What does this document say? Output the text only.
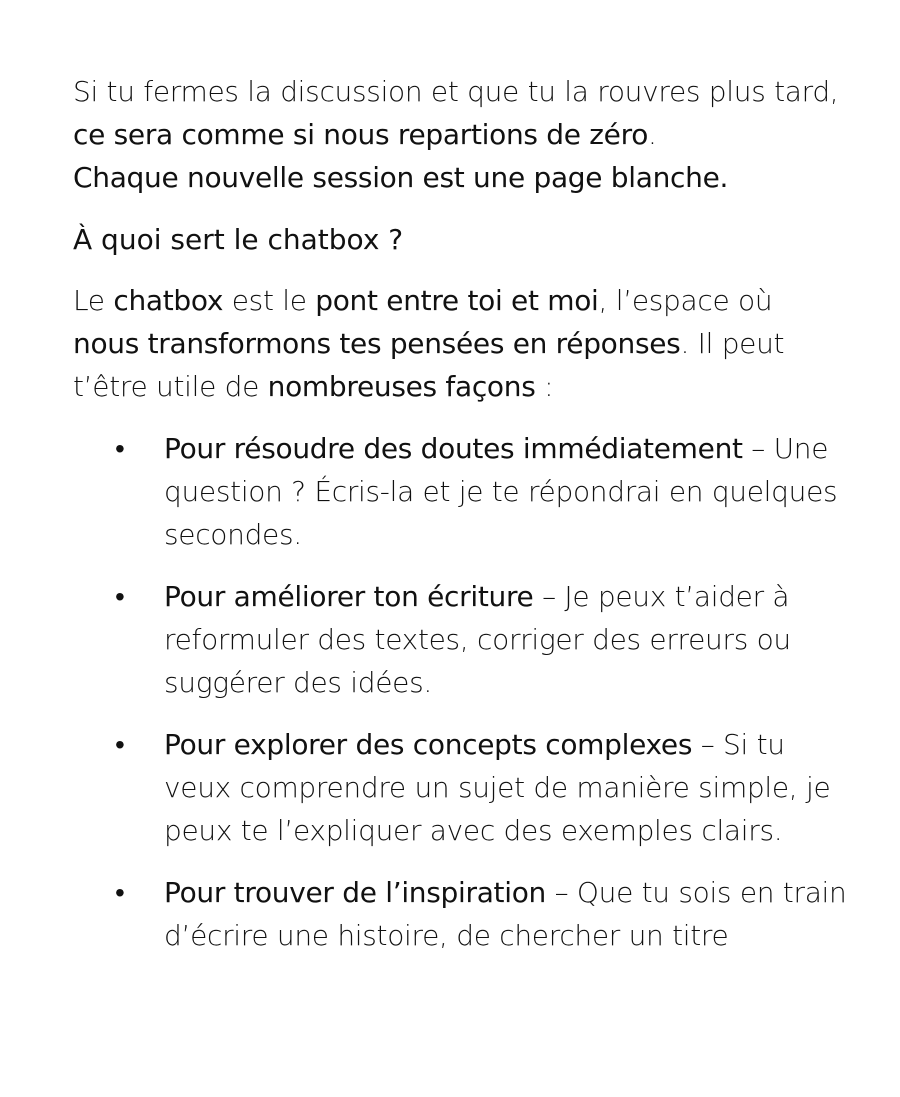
Si tu fermes la discussion et que tu la rouvres plus tard,
ce sera comme si nous repartions de zéro.
Chaque nouvelle session est une page blanche.

À quoi sert le chatbox ?

Le chatbox est le pont entre toi et moi, l’espace où
nous transformons tes pensées en réponses. Il peut t’être utile de nombreuses façons :

• Pour résoudre des doutes immédiatement – Une question ? Écris-la et je te répondrai en quelques secondes.
• Pour améliorer ton écriture – Je peux t’aider à reformuler des textes, corriger des erreurs ou suggérer des idées.
• Pour explorer des concepts complexes – Si tu veux comprendre un sujet de manière simple, je peux te l’expliquer avec des exemples clairs.
• Pour trouver de l’inspiration – Que tu sois en train d’écrire une histoire, de chercher un titre
